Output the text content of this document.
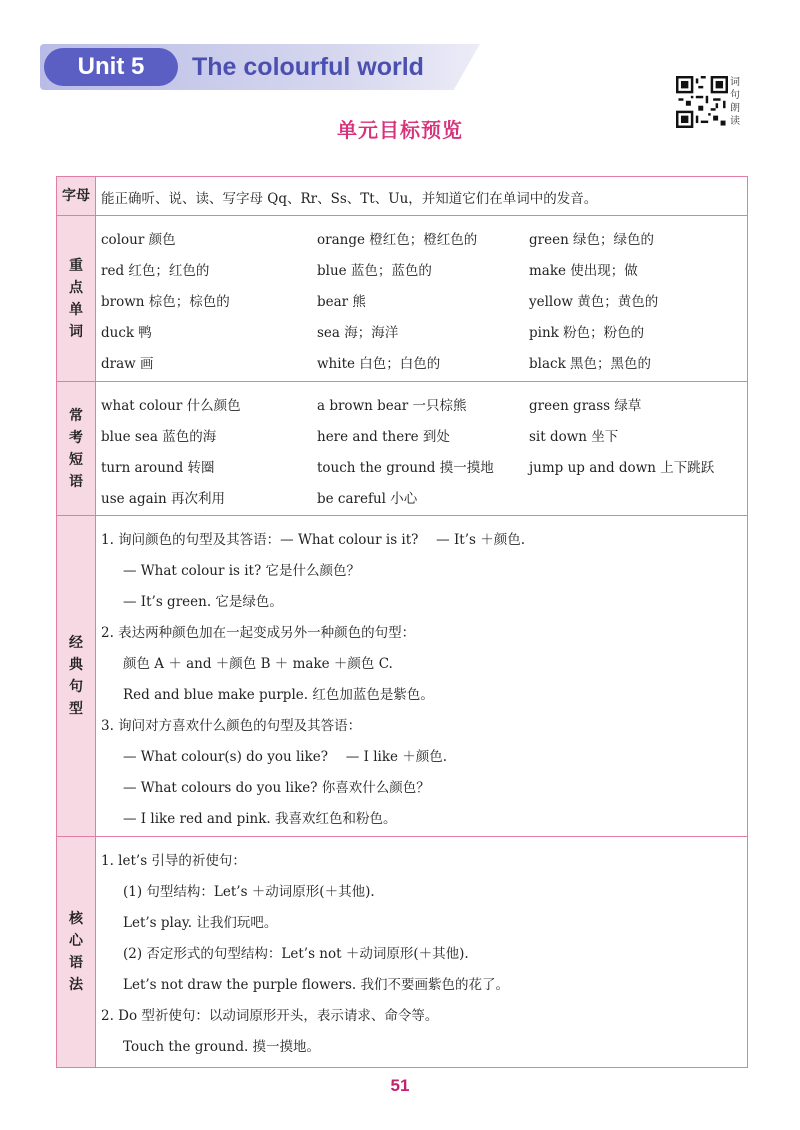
Unit 5	The colourful world
词句朗读
单元目标预览
字母 能正确听、说、读、写字母 Qq、Rr、Ss、Tt、Uu，并知道它们在单词中的发音。
重点单词
colour 颜色	orange 橙红色；橙红色的	green 绿色；绿色的
red 红色；红色的	blue 蓝色；蓝色的	make 使出现；做
brown 棕色；棕色的	bear 熊	yellow 黄色；黄色的
duck 鸭	sea 海；海洋	pink 粉色；粉色的
draw 画	white 白色；白色的	black 黑色；黑色的
常考短语
what colour 什么颜色	a brown bear 一只棕熊	green grass 绿草
blue sea 蓝色的海	here and there 到处	sit down 坐下
turn around 转圈	touch the ground 摸一摸地	jump up and down 上下跳跃
use again 再次利用	be careful 小心
经典句型
1. 询问颜色的句型及其答语：— What colour is it?　 — It’s ＋颜色.
— What colour is it? 它是什么颜色？
— It’s green. 它是绿色。
2. 表达两种颜色加在一起变成另外一种颜色的句型：
颜色 A ＋ and ＋颜色 B ＋ make ＋颜色 C.
Red and blue make purple. 红色加蓝色是紫色。
3. 询问对方喜欢什么颜色的句型及其答语：
— What colour(s) do you like?　 — I like ＋颜色.
— What colours do you like? 你喜欢什么颜色？
— I like red and pink. 我喜欢红色和粉色。
核心语法
1. let’s 引导的祈使句：
(1) 句型结构：Let’s ＋动词原形(＋其他).
Let’s play. 让我们玩吧。
(2) 否定形式的句型结构：Let’s not ＋动词原形(＋其他).
Let’s not draw the purple flowers. 我们不要画紫色的花了。
2. Do 型祈使句：以动词原形开头，表示请求、命令等。
Touch the ground. 摸一摸地。
51
